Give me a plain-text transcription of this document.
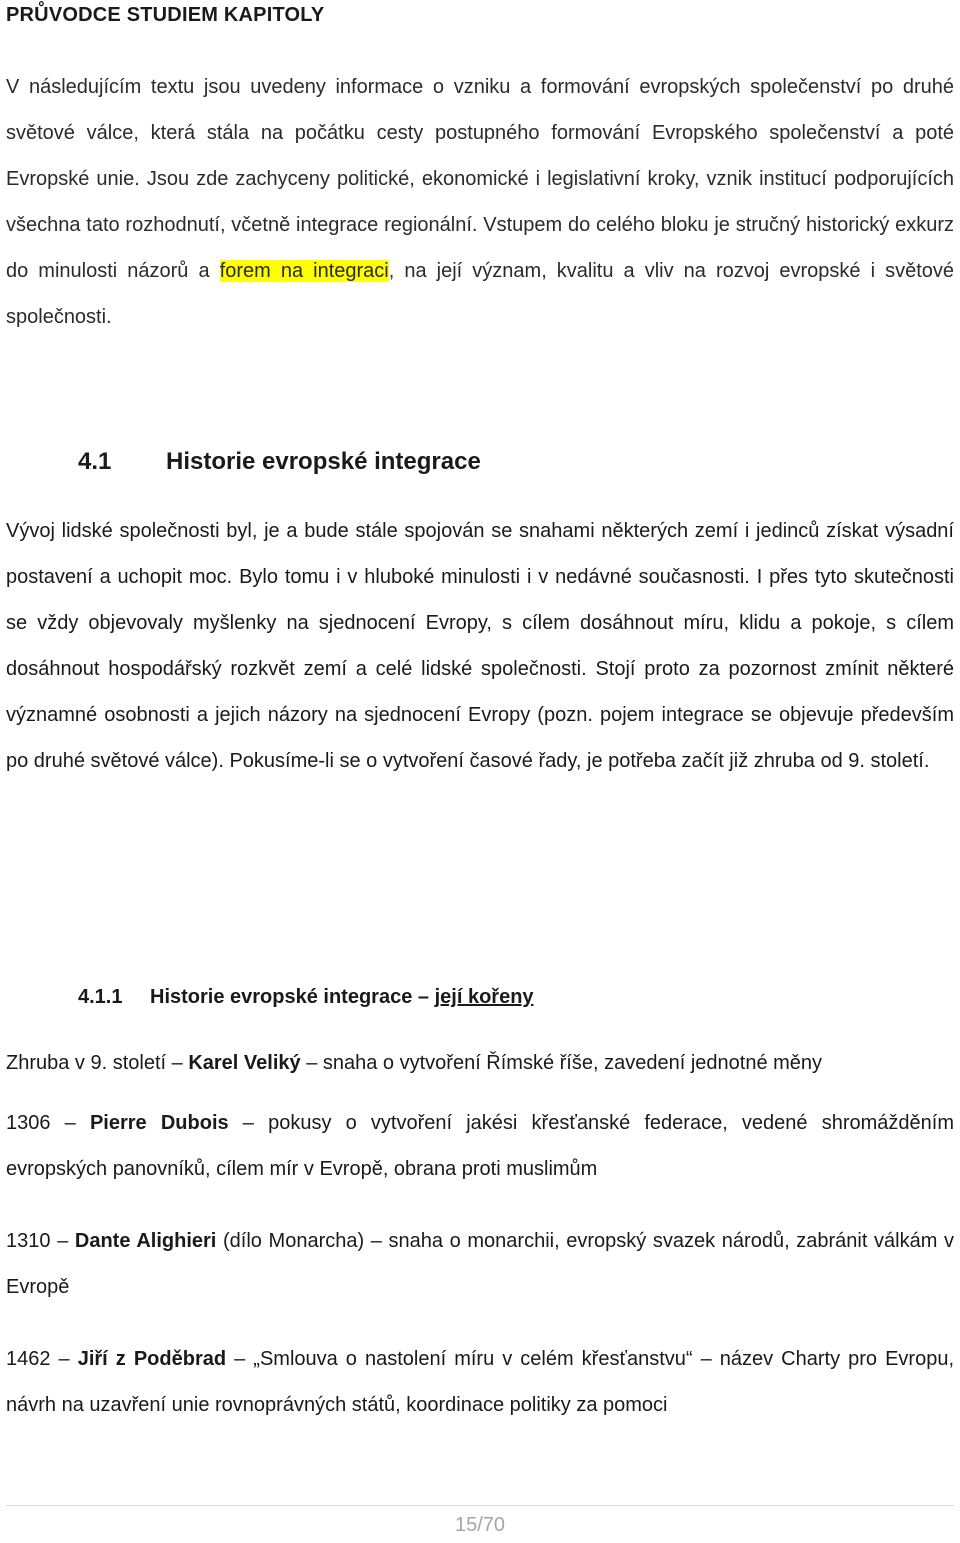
PRŮVODCE STUDIEM KAPITOLY
V následujícím textu jsou uvedeny informace o vzniku a formování evropských společenství po druhé světové válce, která stála na počátku cesty postupného formování Evropského společenství a poté Evropské unie. Jsou zde zachyceny politické, ekonomické i legislativní kroky, vznik institucí podporujících všechna tato rozhodnutí, včetně integrace regionální. Vstupem do celého bloku je stručný historický exkurz do minulosti názorů a forem na integraci, na její význam, kvalitu a vliv na rozvoj evropské i světové společnosti.
4.1 Historie evropské integrace
Vývoj lidské společnosti byl, je a bude stále spojován se snahami některých zemí i jedinců získat výsadní postavení a uchopit moc. Bylo tomu i v hluboké minulosti i v nedávné současnosti. I přes tyto skutečnosti se vždy objevovaly myšlenky na sjednocení Evropy, s cílem dosáhnout míru, klidu a pokoje, s cílem dosáhnout hospodářský rozkvět zemí a celé lidské společnosti. Stojí proto za pozornost zmínit některé významné osobnosti a jejich názory na sjednocení Evropy (pozn. pojem integrace se objevuje především po druhé světové válce). Pokusíme-li se o vytvoření časové řady, je potřeba začít již zhruba od 9. století.
4.1.1 Historie evropské integrace – její kořeny
Zhruba v 9. století – Karel Veliký – snaha o vytvoření Římské říše, zavedení jednotné měny
1306 – Pierre Dubois – pokusy o vytvoření jakési křesťanské federace, vedené shromážděním evropských panovníků, cílem mír v Evropě, obrana proti muslimům
1310 – Dante Alighieri (dílo Monarcha) – snaha o monarchii, evropský svazek národů, zabránit válkám v Evropě
1462 – Jiří z Poděbrad – „Smlouva o nastolení míru v celém křesťanstvu“ – název Charty pro Evropu, návrh na uzavření unie rovnoprávných států, koordinace politiky za pomoci
15/70
